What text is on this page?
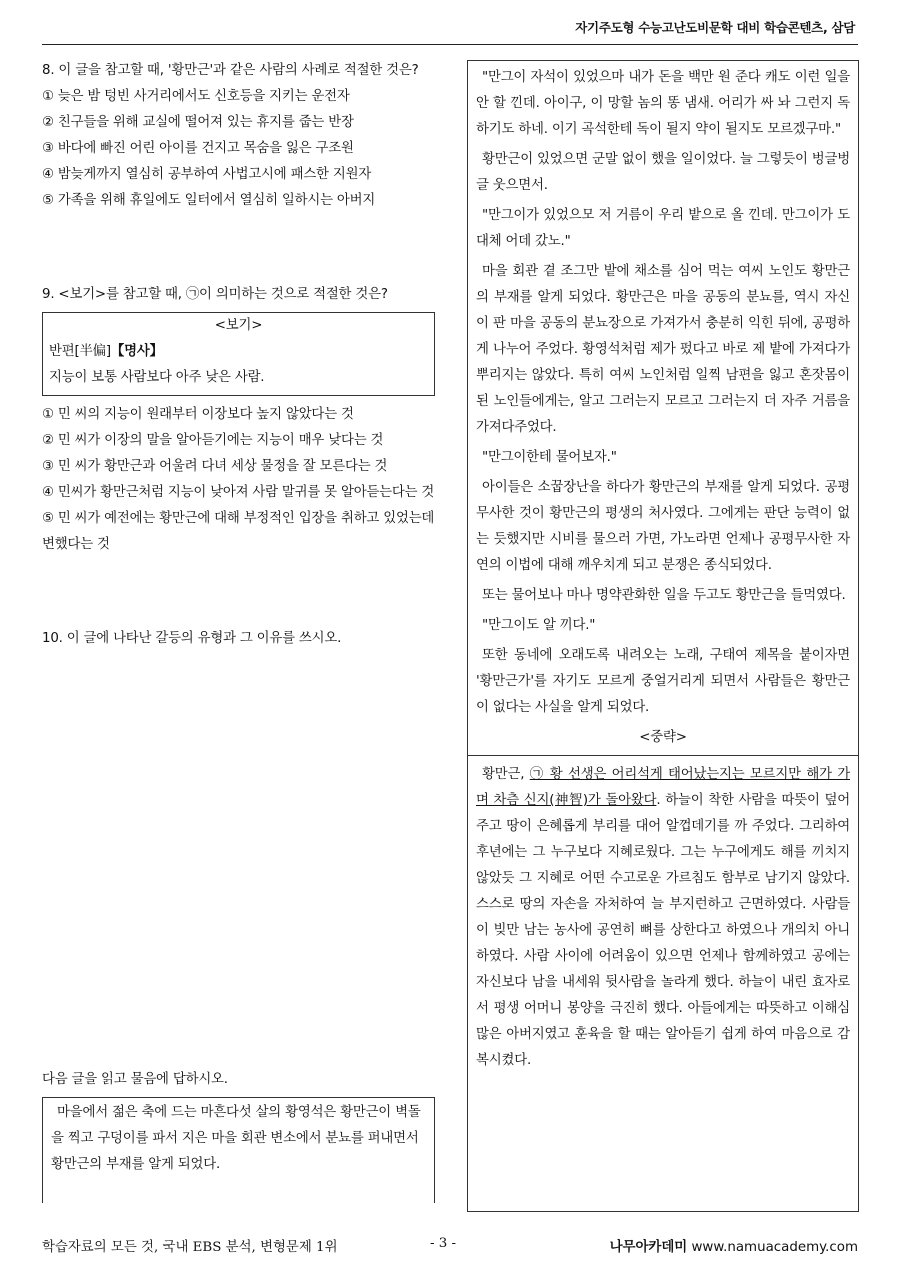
자기주도형 수능고난도비문학 대비 학습콘텐츠, 삼담

8. 이 글을 참고할 때, '황만근'과 같은 사람의 사례로 적절한 것은?

① 늦은 밤 텅빈 사거리에서도 신호등을 지키는 운전자

② 친구들을 위해 교실에 떨어져 있는 휴지를 줍는 반장

③ 바다에 빠진 어린 아이를 건지고 목숨을 잃은 구조원

④ 밤늦게까지 열심히 공부하여 사법고시에 패스한 지원자

⑤ 가족을 위해 휴일에도 일터에서 열심히 일하시는 아버지

9. <보기>를 참고할 때, ㉠이 의미하는 것으로 적절한 것은?

<보기>
반편[半偏]【명사】
지능이 보통 사람보다 아주 낮은 사람.

① 민 씨의 지능이 원래부터 이장보다 높지 않았다는 것

② 민 씨가 이장의 말을 알아듣기에는 지능이 매우 낮다는 것

③ 민 씨가 황만근과 어울려 다녀 세상 물정을 잘 모른다는 것

④ 민씨가 황만근처럼 지능이 낮아져 사람 말귀를 못 알아듣는다는 것

⑤ 민 씨가 예전에는 황만근에 대해 부정적인 입장을 취하고 있었는데 변했다는 것

10. 이 글에 나타난 갈등의 유형과 그 이유를 쓰시오.

다음 글을 읽고 물음에 답하시오.

마을에서 젊은 축에 드는 마흔다섯 살의 황영석은 황만근이 벽돌을 찍고 구덩이를 파서 지은 마을 회관 변소에서 분뇨를 퍼내면서 황만근의 부재를 알게 되었다.

"만그이 자석이 있었으마 내가 돈을 백만 원 준다 캐도 이런 일을 안 할 낀데. 아이구, 이 망할 놈의 똥 냄새. 어리가 싸 놔 그런지 독하기도 하네. 이기 곡석한테 독이 될지 약이 될지도 모르겠구마."

황만근이 있었으면 군말 없이 했을 일이었다. 늘 그렇듯이 벙글벙글 웃으면서.

"만그이가 있었으모 저 거름이 우리 밭으로 올 낀데. 만그이가 도대체 어데 갔노."

마을 회관 곁 조그만 밭에 채소를 심어 먹는 여씨 노인도 황만근의 부재를 알게 되었다. 황만근은 마을 공동의 분뇨를, 역시 자신이 판 마을 공동의 분뇨장으로 가져가서 충분히 익힌 뒤에, 공평하게 나누어 주었다. 황영석처럼 제가 펐다고 바로 제 밭에 가져다가 뿌리지는 않았다. 특히 여씨 노인처럼 일찍 남편을 잃고 혼잣몸이 된 노인들에게는, 알고 그러는지 모르고 그러는지 더 자주 거름을 가져다주었다.

"만그이한테 물어보자."

아이들은 소꿉장난을 하다가 황만근의 부재를 알게 되었다. 공평무사한 것이 황만근의 평생의 처사였다. 그에게는 판단 능력이 없는 듯했지만 시비를 물으러 가면, 가노라면 언제나 공평무사한 자연의 이법에 대해 깨우치게 되고 분쟁은 종식되었다.

또는 물어보나 마나 명약관화한 일을 두고도 황만근을 들먹였다.

"만그이도 알 끼다."

또한 동네에 오래도록 내려오는 노래, 구태여 제목을 붙이자면 '황만근가'를 자기도 모르게 중얼거리게 되면서 사람들은 황만근이 없다는 사실을 알게 되었다.

<중략>

황만근, ㉠ 황 선생은 어리석게 태어났는지는 모르지만 해가 가며 차츰 신지(神智)가 돌아왔다. 하늘이 착한 사람을 따뜻이 덮어 주고 땅이 은혜롭게 부리를 대어 알껍데기를 까 주었다. 그리하여 후년에는 그 누구보다 지혜로웠다. 그는 누구에게도 해를 끼치지 않았듯 그 지혜로 어떤 수고로운 가르침도 함부로 남기지 않았다. 스스로 땅의 자손을 자처하여 늘 부지런하고 근면하였다. 사람들이 빚만 남는 농사에 공연히 뼈를 상한다고 하였으나 개의치 아니하였다. 사람 사이에 어려움이 있으면 언제나 함께하였고 공에는 자신보다 남을 내세워 뒷사람을 놀라게 했다. 하늘이 내린 효자로서 평생 어머니 봉양을 극진히 했다. 아들에게는 따뜻하고 이해심 많은 아버지였고 훈육을 할 때는 알아듣기 쉽게 하여 마음으로 감복시켰다.

학습자료의 모든 것, 국내 EBS 분석, 변형문제 1위	- 3 -	나무아카데미 www.namuacademy.com
